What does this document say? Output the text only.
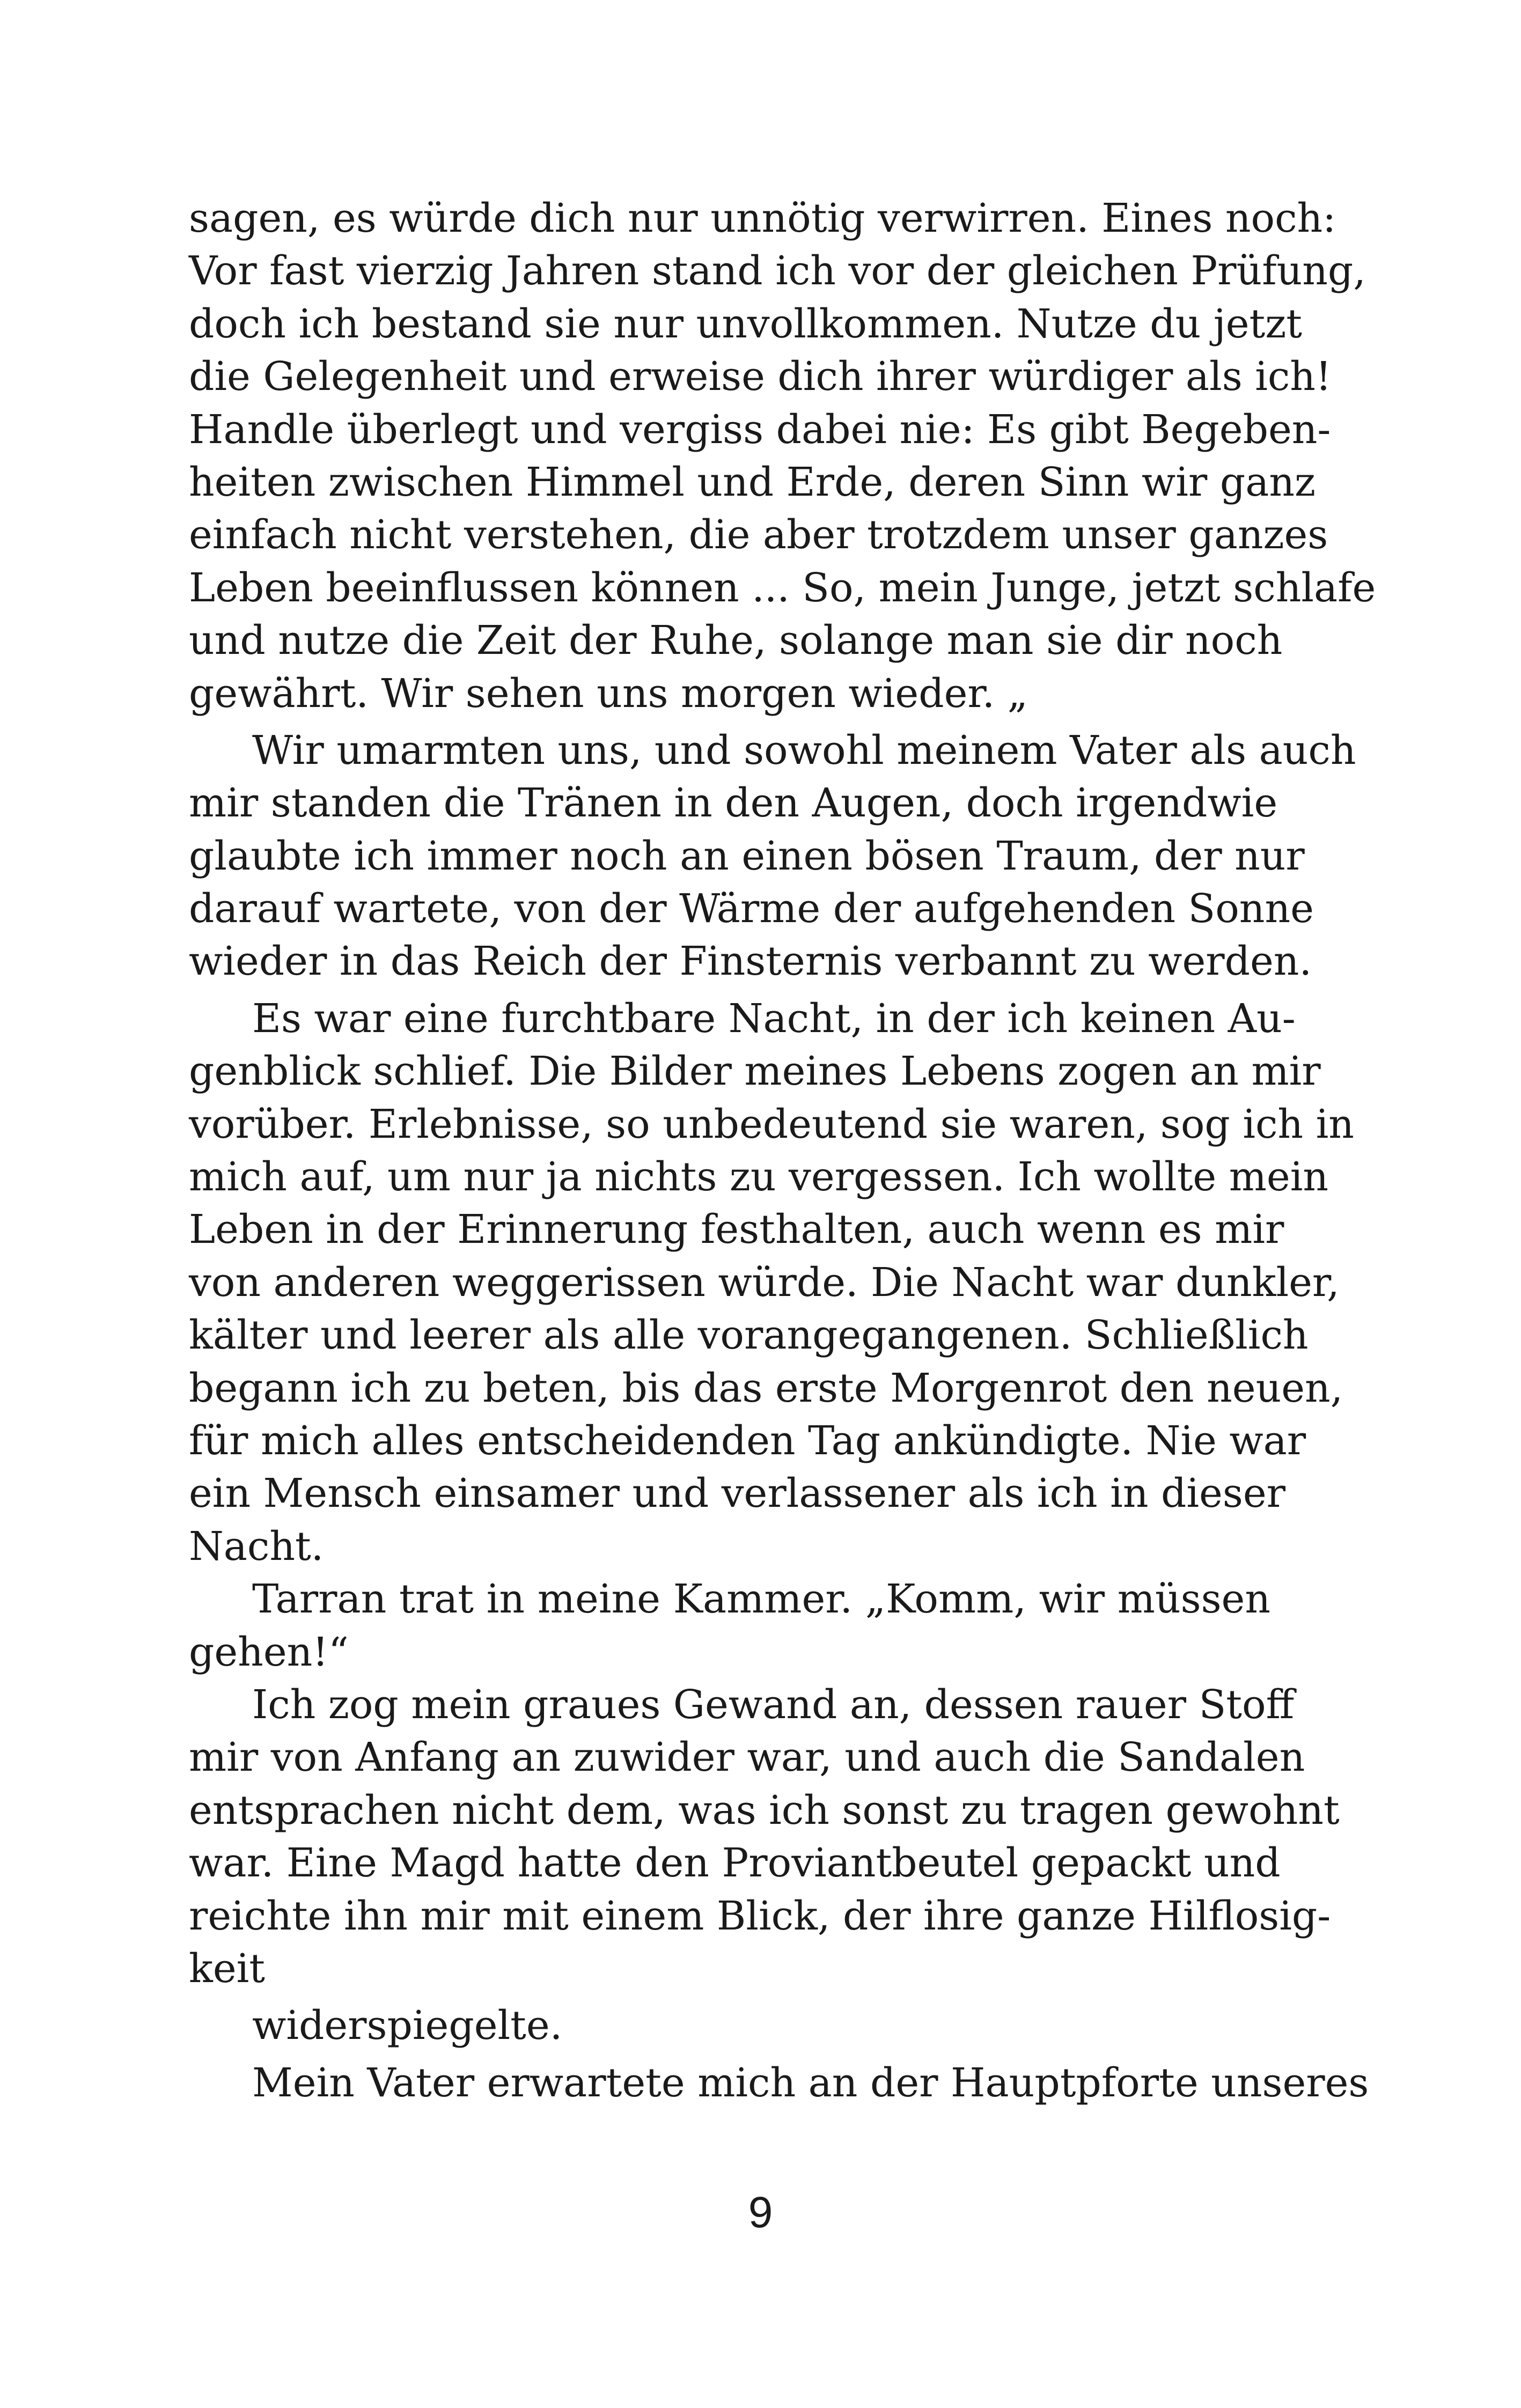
sagen, es würde dich nur unnötig verwirren. Eines noch:
Vor fast vierzig Jahren stand ich vor der gleichen Prüfung,
doch ich bestand sie nur unvollkommen. Nutze du jetzt
die Gelegenheit und erweise dich ihrer würdiger als ich!
Handle überlegt und vergiss dabei nie: Es gibt Begeben-
heiten zwischen Himmel und Erde, deren Sinn wir ganz
einfach nicht verstehen, die aber trotzdem unser ganzes
Leben beeinflussen können ... So, mein Junge, jetzt schlafe
und nutze die Zeit der Ruhe, solange man sie dir noch
gewährt. Wir sehen uns morgen wieder. „
Wir umarmten uns, und sowohl meinem Vater als auch
mir standen die Tränen in den Augen, doch irgendwie
glaubte ich immer noch an einen bösen Traum, der nur
darauf wartete, von der Wärme der aufgehenden Sonne
wieder in das Reich der Finsternis verbannt zu werden.
Es war eine furchtbare Nacht, in der ich keinen Au-
genblick schlief. Die Bilder meines Lebens zogen an mir
vorüber. Erlebnisse, so unbedeutend sie waren, sog ich in
mich auf, um nur ja nichts zu vergessen. Ich wollte mein
Leben in der Erinnerung festhalten, auch wenn es mir
von anderen weggerissen würde. Die Nacht war dunkler,
kälter und leerer als alle vorangegangenen. Schließlich
begann ich zu beten, bis das erste Morgenrot den neuen,
für mich alles entscheidenden Tag ankündigte. Nie war
ein Mensch einsamer und verlassener als ich in dieser
Nacht.
Tarran trat in meine Kammer. „Komm, wir müssen
gehen!“
Ich zog mein graues Gewand an, dessen rauer Stoff
mir von Anfang an zuwider war, und auch die Sandalen
entsprachen nicht dem, was ich sonst zu tragen gewohnt
war. Eine Magd hatte den Proviantbeutel gepackt und
reichte ihn mir mit einem Blick, der ihre ganze Hilflosig-
keit
widerspiegelte.
Mein Vater erwartete mich an der Hauptpforte unseres
9
